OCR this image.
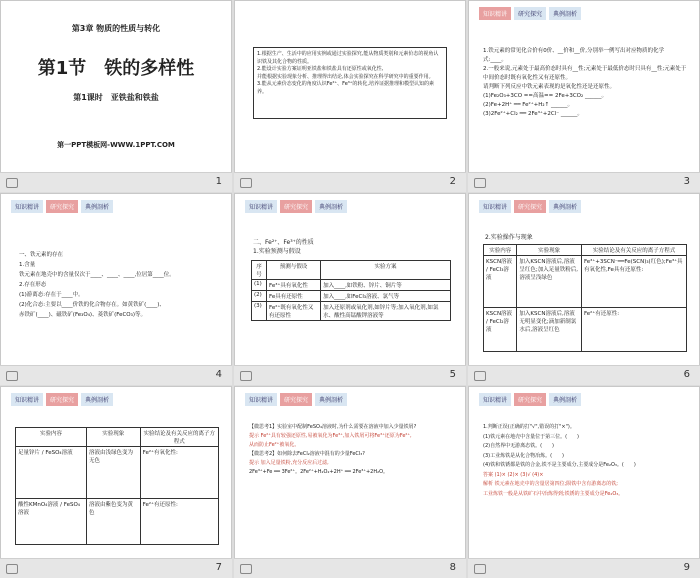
第3章 物质的性质与转化
第1节　铁的多样性
第1课时　亚铁盐和铁盐
第一PPT模板网-WWW.1PPT.COM
1
1.根据生产、生活中的应用实例或通过实验探究,能从物质类别和元素价态的视角认识铁及其化合物的性质。
2.能设计实验方案证明亚铁盐和铁盐具有还原性或氧化性,
并能根据实验现象分析、推理得出结论,体会实验探究在科学研究中的重要作用。
3.能从元素价态变化的角度认识Fe²⁺、Fe³⁺的转化,培养证据推理和模型认知的素养。
2
知识精讲	研究探究	典例剖析
1.铁元素的常见化合价有0价、__价和__价,分别举一例写出对应物质的化学式:____。
2.一般来说,元素处于最高价态时具有__性;元素处于最低价态时只具有__性;元素处于中间价态时既有氧化性又有还原性。
请判断下列反应中铁元素表现的是氧化性还是还原性。
(1)Fe₂O₃+3CO ==高温== 2Fe+3CO₂ ______。
(2)Fe+2H⁺ ══ Fe²⁺+H₂↑ ______。
(3)2Fe²⁺+Cl₂ ══ 2Fe³⁺+2Cl⁻ ______。
3
知识精讲	研究探究	典例剖析
一、铁元素的存在
1.含量
铁元素在地壳中的含量仅次于____、____、____,位居第____位。
2.存在形态
(1)游离态:存在于____中。
(2)化合态:主要以____价铁的化合物存在。如黄铁矿(____)、
赤铁矿(____)、磁铁矿(Fe₃O₄)、菱铁矿(FeCO₃)等。
4
知识精讲	研究探究	典例剖析
二、Fe²⁺、Fe³⁺的性质
1.实验预测与假设
序号	预测与假设	实验方案
(1)	Fe³⁺具有氧化性	加入____,如铁粉、锌片、铜片等
(2)	Fe具有还原性	加入____,如FeCl₃溶液、氯气等
(3)	Fe²⁺既有氧化性又有还原性	加入还原剂或氧化剂,如锌片等;加入氧化剂,如氯水、酸性高锰酸钾溶液等
5
知识精讲	研究探究	典例剖析
2.实验操作与现象
实验内容	实验现象	实验结论及有关反应的离子方程式
KSCN溶液 / FeCl₃溶液	加入KSCN溶液后,溶液呈红色;加入足量铁粉后,溶液呈浅绿色	Fe³⁺+3SCN⁻══Fe(SCN)₃(红色);Fe³⁺具有氧化性,Fe具有还原性:
KSCN溶液 / FeCl₂溶液	加入KSCN溶液后,溶液无明显变化;滴加新制氯水后,溶液呈红色	Fe²⁺有还原性:
6
知识精讲	研究探究	典例剖析
实验内容	实验现象	实验结论及有关反应的离子方程式
足量锌片 / FeSO₄溶液	溶液由浅绿色变为无色	Fe²⁺有氧化性:
酸性KMnO₄溶液 / FeSO₄溶液	溶液由紫色变为黄色	Fe²⁺有还原性:
7
知识精讲	研究探究	典例剖析
【微思考1】实验室中配制FeSO₄溶液时,为什么需要在溶液中加入少量铁屑?
提示 Fe²⁺具有较强还原性,易被氧化为Fe³⁺,加入铁屑可将Fe³⁺还原为Fe²⁺,
从而防止Fe²⁺被氧化。
【微思考2】如何除去FeCl₂溶液中混有的少量FeCl₃?
提示 加入足量铁粉,充分反应后过滤,
2Fe³⁺+Fe ══ 3Fe²⁺。2Fe²⁺+H₂O₂+2H⁺ ══ 2Fe³⁺+2H₂O。
8
知识精讲	研究探究	典例剖析
1.判断正误(正确的打"√",错误的打"×")。
(1)铁元素在地壳中含量位于第三位。(　　)
(2)自然界中无游离态铁。(　　)
(3)工业炼铁是从化合物冶炼。(　　)
(4)铁和铁锈都是铁的合金,铁不是主要成分,主要成分是Fe₂O₃。(　　)
答案 (1)× (2)× (3)√ (4)×
解析 铁元素在地壳中的含量居第四位;陨铁中含有游离态的铁;
工业炼铁一般是从铁矿石中冶炼得到;铁锈的主要成分是Fe₂O₃。
9
